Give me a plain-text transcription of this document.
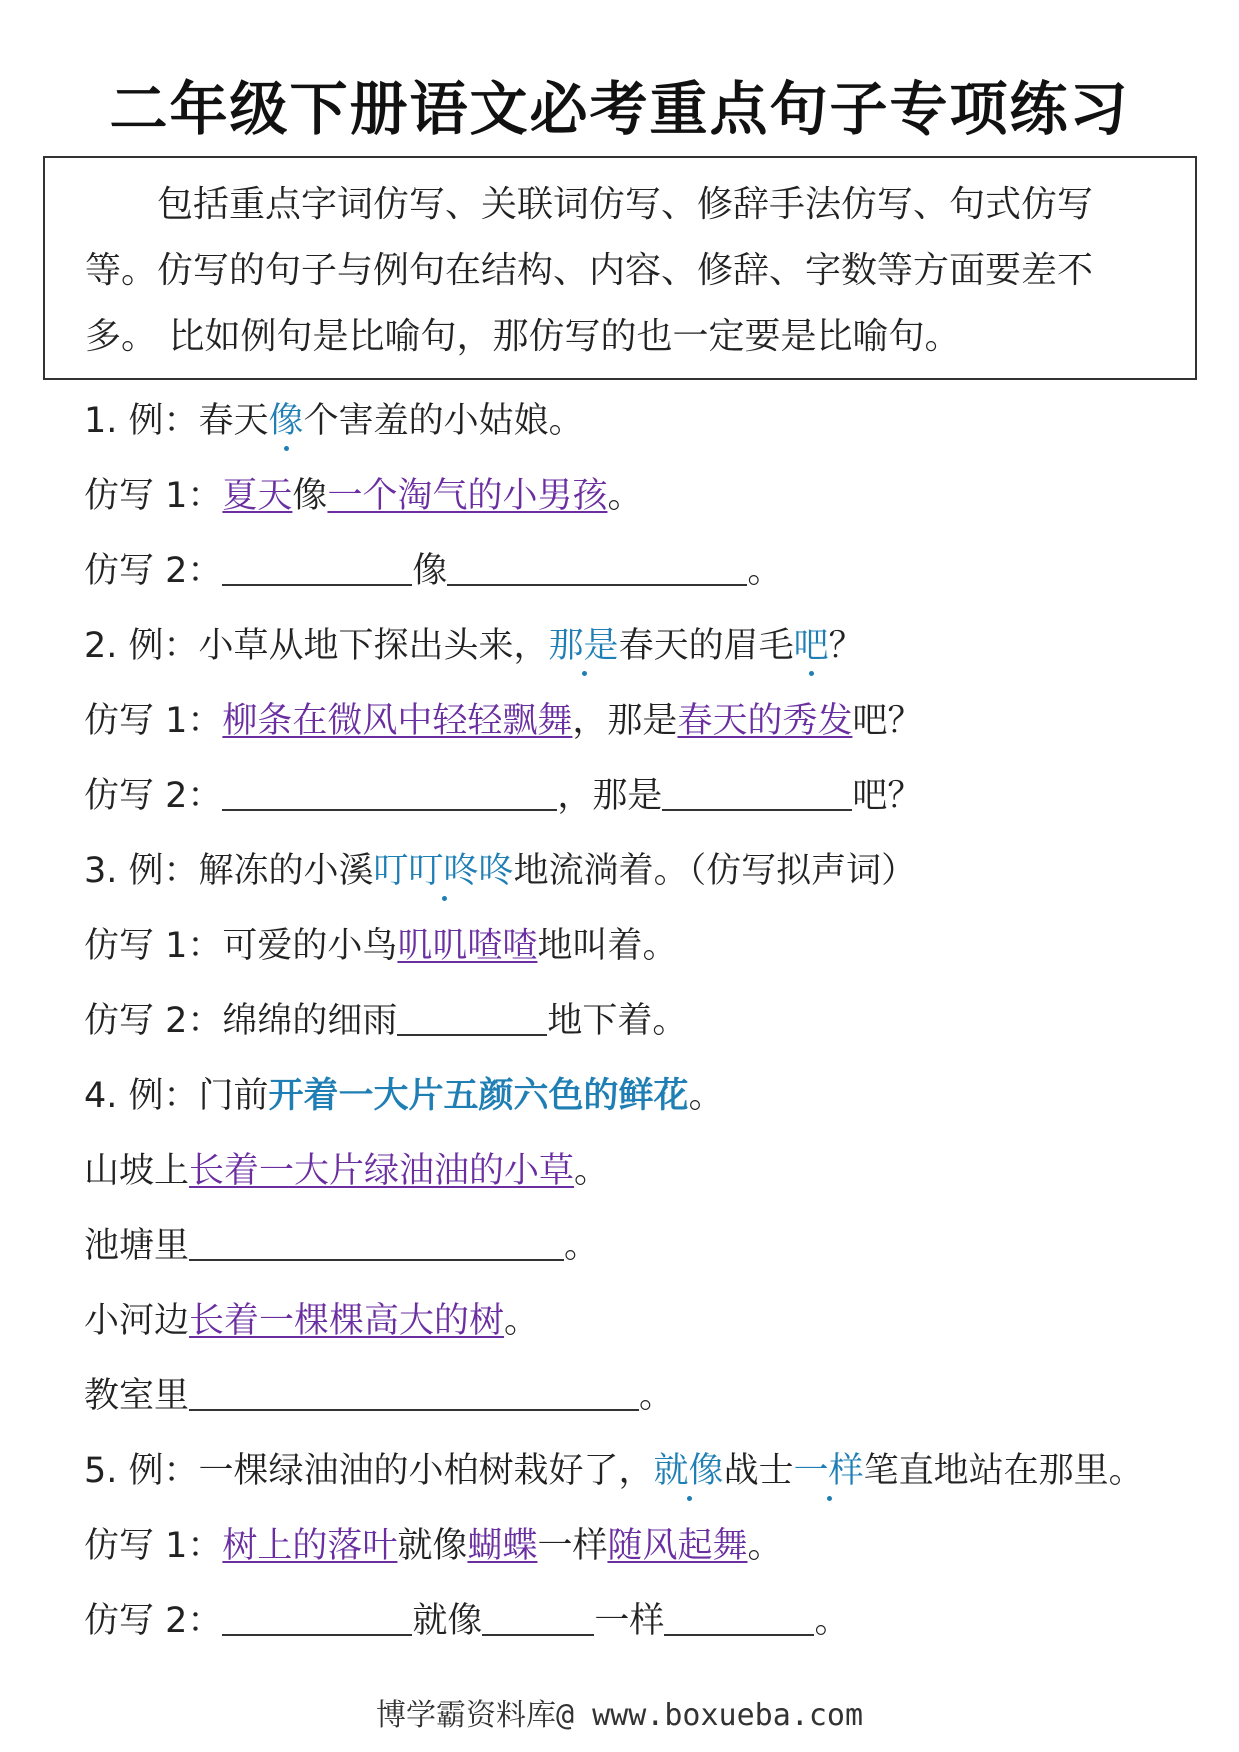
二年级下册语文必考重点句子专项练习
包括重点字词仿写、关联词仿写、修辞手法仿写、句式仿写
等。仿写的句子与例句在结构、内容、修辞、字数等方面要差不
多。 比如例句是比喻句，那仿写的也一定要是比喻句。
1. 例：春天像个害羞的小姑娘。
仿写 1：夏天像一个淘气的小男孩。
仿写 2：	像	。
2. 例：小草从地下探出头来，那是春天的眉毛吧？
仿写 1：柳条在微风中轻轻飘舞，那是春天的秀发吧？
仿写 2：	，那是	吧？
3. 例：解冻的小溪叮叮咚咚地流淌着。（仿写拟声词）
仿写 1：可爱的小鸟叽叽喳喳地叫着。
仿写 2：绵绵的细雨	地下着。
4. 例：门前开着一大片五颜六色的鲜花。
山坡上长着一大片绿油油的小草。
池塘里	。
小河边长着一棵棵高大的树。
教室里	。
5. 例：一棵绿油油的小柏树栽好了，就像战士一样笔直地站在那里。
仿写 1：树上的落叶就像蝴蝶一样随风起舞。
仿写 2：	就像	一样	。
博学霸资料库@ www.boxueba.com
